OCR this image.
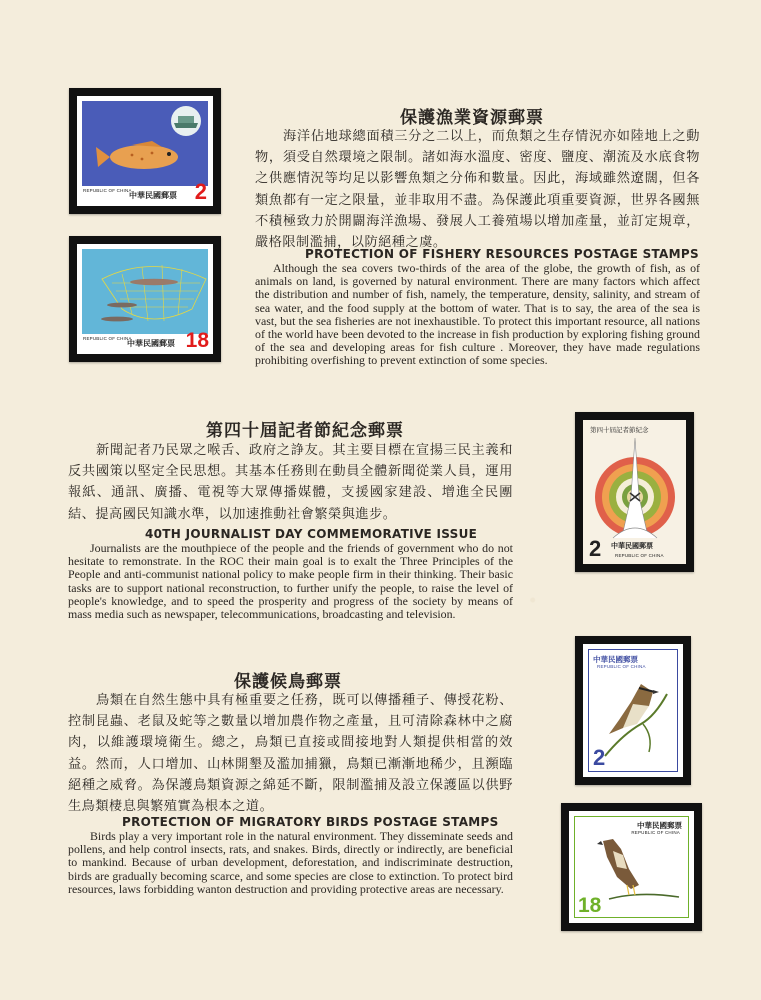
REPUBLIC OF CHINA
中華民國郵票 2
REPUBLIC OF CHINA
中華民國郵票 18
保護漁業資源郵票
海洋佔地球總面積三分之二以上，而魚類之生存情況亦如陸地上之動物，須受自然環境之限制。諸如海水溫度、密度、鹽度、潮流及水底食物之供應情況等均足以影響魚類之分佈和數量。因此，海域雖然遼闊，但各類魚都有一定之限量，並非取用不盡。為保護此項重要資源，世界各國無不積極致力於開闢海洋漁場、發展人工養殖場以增加產量，並訂定規章，嚴格限制濫捕，以防絕種之虞。
PROTECTION OF FISHERY RESOURCES POSTAGE STAMPS
Although the sea covers two-thirds of the area of the globe, the growth of fish, as of animals on land, is governed by natural environment. There are many factors which affect the distribution and number of fish, namely, the temperature, density, salinity, and stream of sea water, and the food supply at the bottom of water. That is to say, the area of the sea is vast, but the sea fisheries are not inexhaustible. To protect this important resource, all nations of the world have been devoted to the increase in fish production by exploring fishing ground of the sea and developing areas for fish culture . Moreover, they have made regulations prohibiting overfishing to prevent extinction of some species.
第四十屆記者節紀念郵票
新聞記者乃民眾之喉舌、政府之諍友。其主要目標在宣揚三民主義和反共國策以堅定全民思想。其基本任務則在動員全體新聞從業人員，運用報紙、通訊、廣播、電視等大眾傳播媒體，支援國家建設、增進全民團結、提高國民知識水準，以加速推動社會繁榮與進步。
40TH JOURNALIST DAY COMMEMORATIVE ISSUE
Journalists are the mouthpiece of the people and the friends of government who do not hesitate to remonstrate. In the ROC their main goal is to exalt the Three Principles of the People and anti-communist national policy to make people firm in their thinking. Their basic tasks are to support national reconstruction, to further unify the people, to raise the level of people's knowledge, and to speed the prosperity and progress of the society by means of mass media such as newspaper, telecommunications, broadcasting and television.
第四十屆記者節紀念
2 中華民國郵票
REPUBLIC OF CHINA
保護候鳥郵票
鳥類在自然生態中具有極重要之任務，既可以傳播種子、傳授花粉、控制昆蟲、老鼠及蛇等之數量以增加農作物之產量，且可清除森林中之腐肉，以維護環境衛生。總之，鳥類已直接或間接地對人類提供相當的效益。然而，人口增加、山林開墾及濫加捕獵，鳥類已漸漸地稀少，且瀕臨絕種之威脅。為保護鳥類資源之綿延不斷，限制濫捕及設立保護區以供野生鳥類棲息與繁殖實為根本之道。
PROTECTION OF MIGRATORY BIRDS POSTAGE STAMPS
Birds play a very important role in the natural environment. They disseminate seeds and pollens, and help control insects, rats, and snakes. Birds, directly or indirectly, are beneficial to mankind. Because of urban development, deforestation, and indiscriminate destruction, birds are gradually becoming scarce, and some species are close to extinction. To protect bird resources, laws forbidding wanton destruction and providing protective areas are necessary.
中華民國郵票
REPUBLIC OF CHINA
2
中華民國郵票
REPUBLIC OF CHINA
18
